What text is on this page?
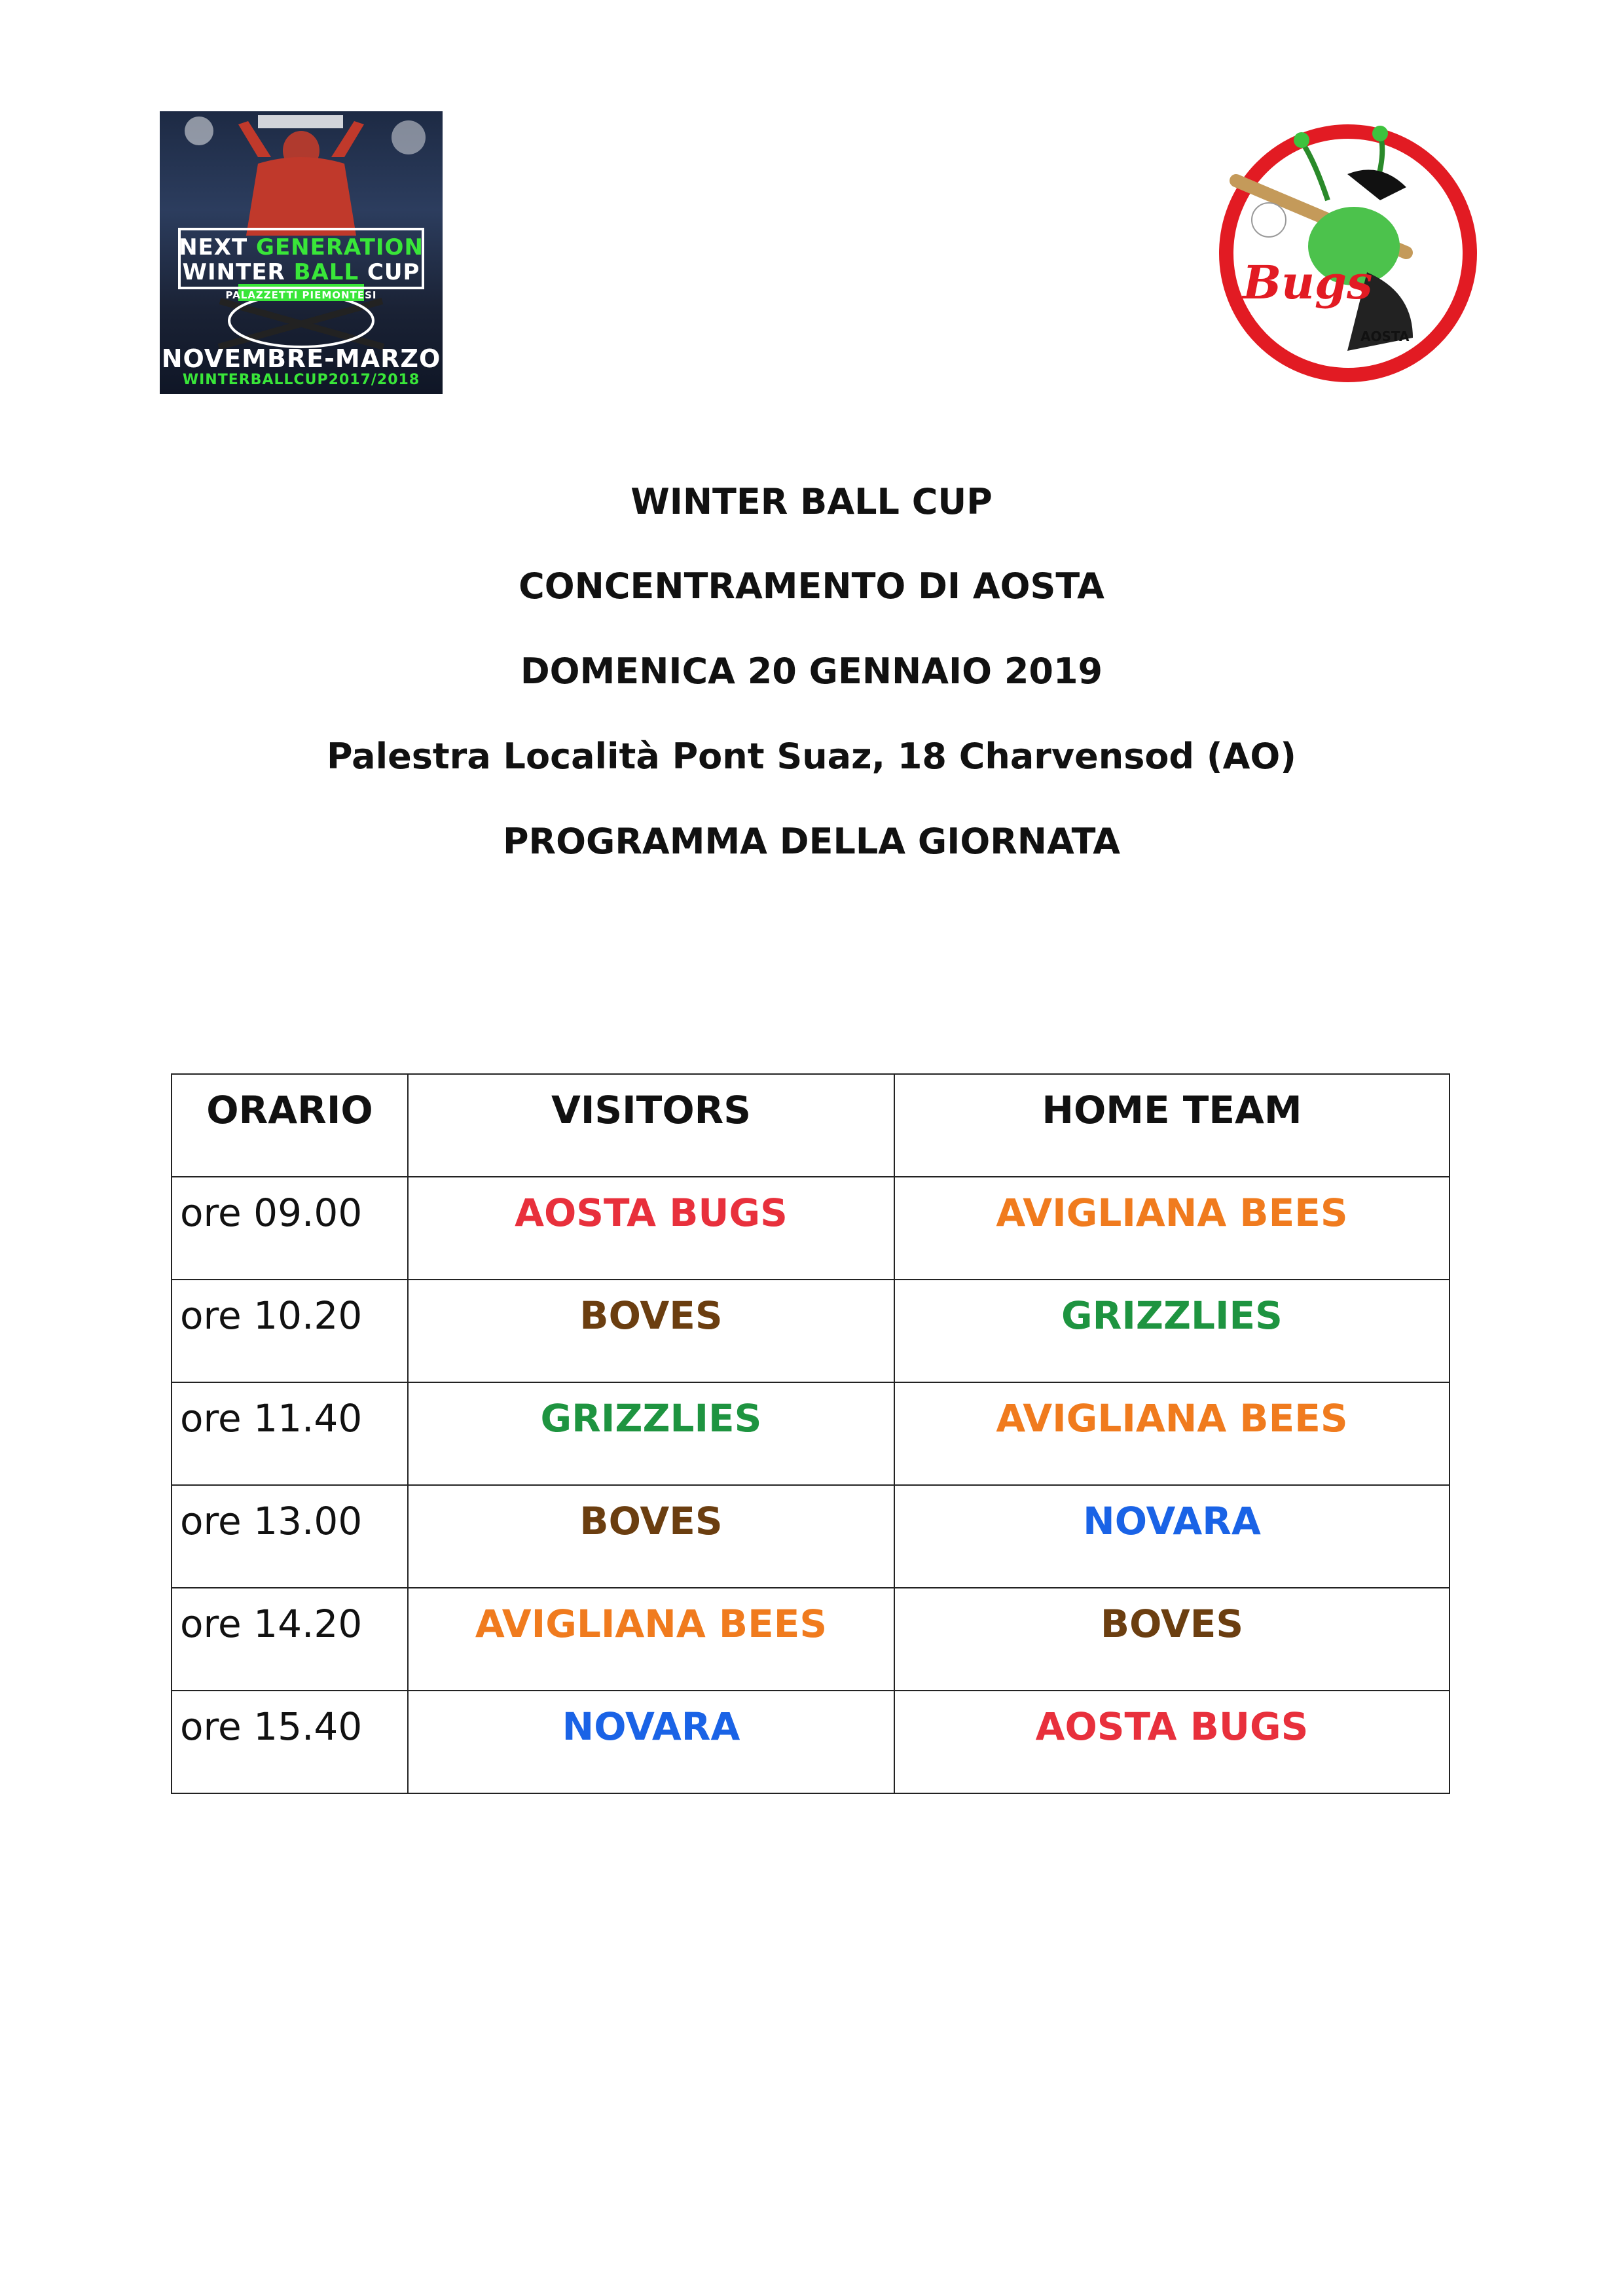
NEXT GENERATION
WINTER BALL CUP
PALAZZETTI PIEMONTESI
NOVEMBRE-MARZO
WINTERBALLCUP2017/2018
Bugs
AOSTA
WINTER BALL CUP
CONCENTRAMENTO DI AOSTA
DOMENICA 20 GENNAIO 2019
Palestra Località Pont Suaz, 18 Charvensod (AO)
PROGRAMMA DELLA GIORNATA
ORARIO	VISITORS	HOME TEAM

ore 09.00	AOSTA BUGS	AVIGLIANA BEES

ore 10.20	BOVES	GRIZZLIES

ore 11.40	GRIZZLIES	AVIGLIANA BEES

ore 13.00	BOVES	NOVARA

ore 14.20	AVIGLIANA BEES	BOVES

ore 15.40	NOVARA	AOSTA BUGS
